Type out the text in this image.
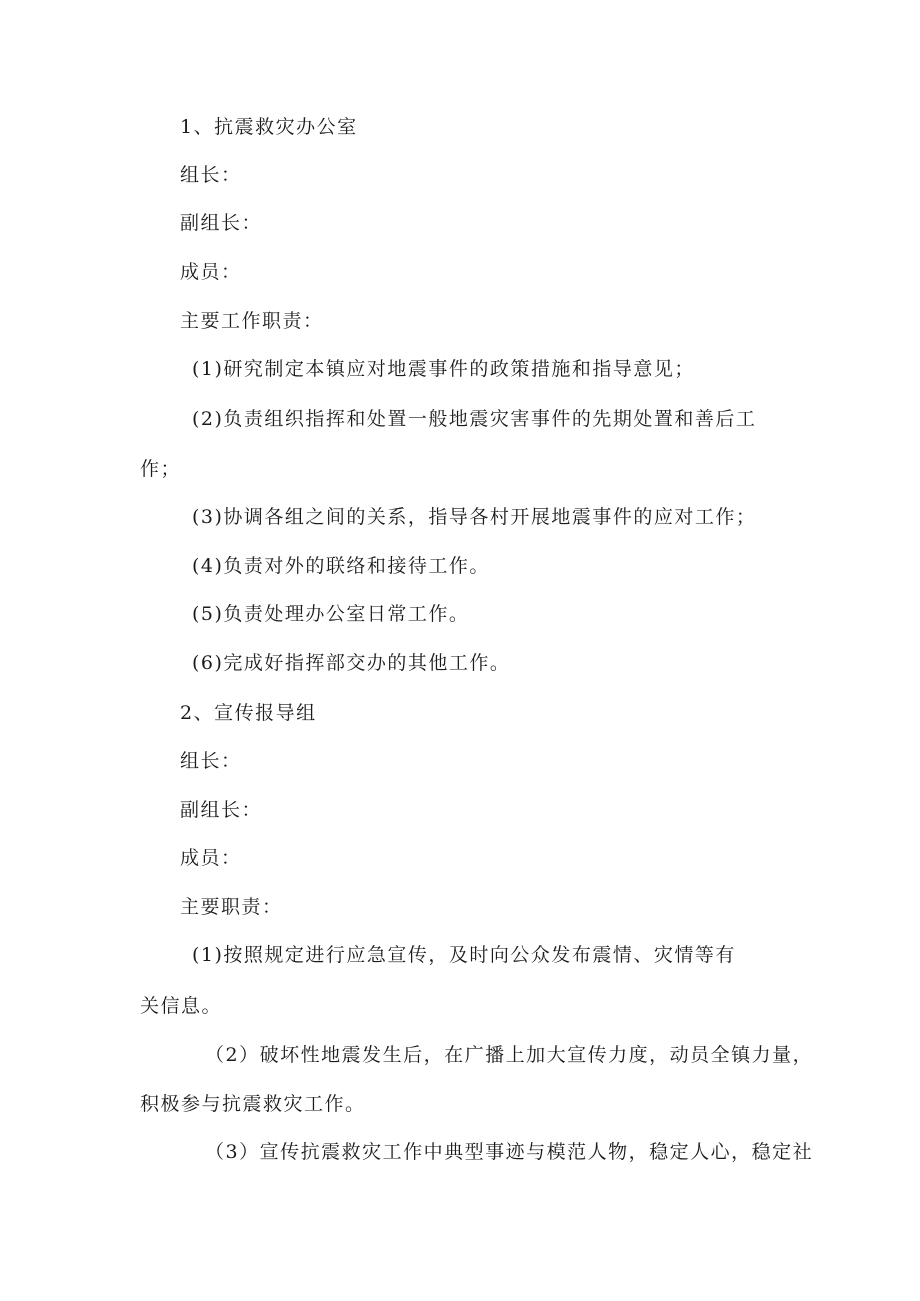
1、抗震救灾办公室
组长：
副组长：
成员：
主要工作职责：
(1)研究制定本镇应对地震事件的政策措施和指导意见；
(2)负责组织指挥和处置一般地震灾害事件的先期处置和善后工
作；
(3)协调各组之间的关系，指导各村开展地震事件的应对工作；
(4)负责对外的联络和接待工作。
(5)负责处理办公室日常工作。
(6)完成好指挥部交办的其他工作。
2、宣传报导组
组长：
副组长：
成员：
主要职责：
(1)按照规定进行应急宣传，及时向公众发布震情、灾情等有
关信息。
（2）破坏性地震发生后，在广播上加大宣传力度，动员全镇力量，
积极参与抗震救灾工作。
（3）宣传抗震救灾工作中典型事迹与模范人物，稳定人心，稳定社
